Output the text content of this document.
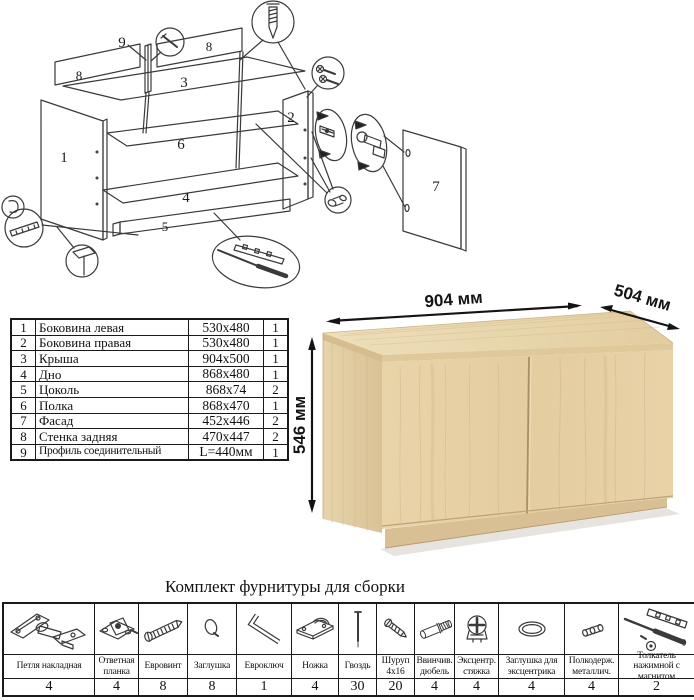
1
2
3
4
5
6
7
8
8
9
1	Боковина левая	530x480	1
2	Боковина правая	530x480	1
3	Крыша	904x500	1
4	Дно	868x480	1
5	Цоколь	868x74	2
6	Полка	868x470	1
7	Фасад	452x446	2
8	Стенка задняя	470x447	2
9	Профиль соединительный	L=440мм	1
904 мм	504 мм
546 мм
Комплект фурнитуры для сборки
Петля накладная
4
Ответная планка
4
Евровинт
8
Заглушка
8
Евроключ
1
Ножка
4
Гвоздь
30
Шуруп 4x16
20
Ввинчив. дюбель
4
Эксцентр. стяжка
4
Заглушка для эксцентрика
4
Полкодерж. металлич.
4
Толкатель нажимной с магнитом
2
